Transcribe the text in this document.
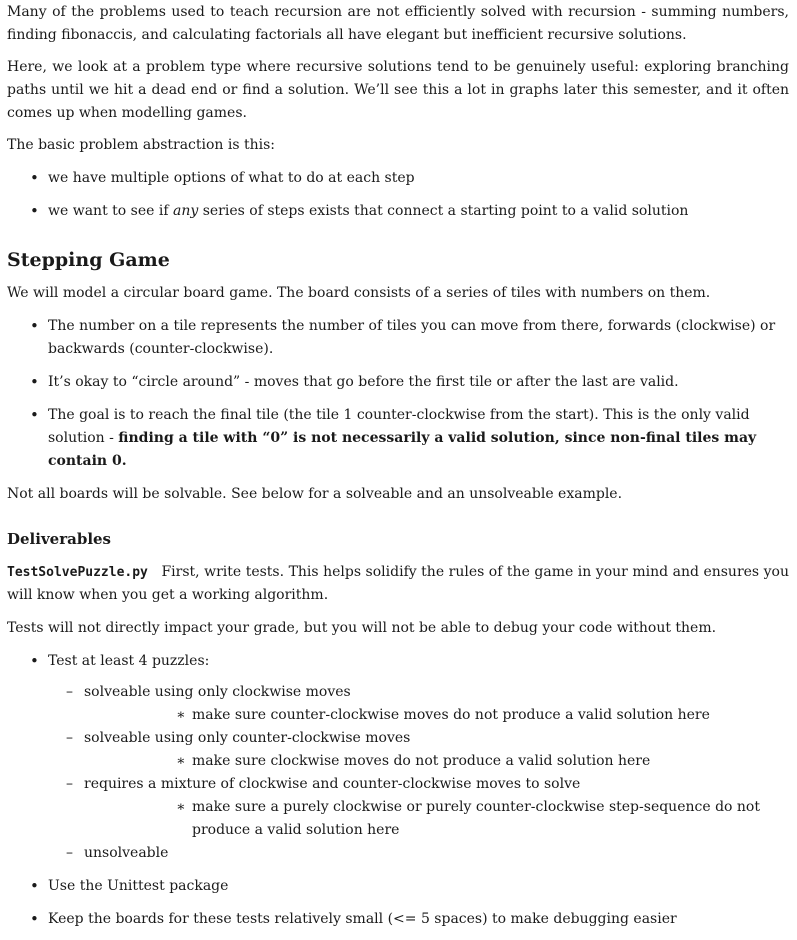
Many of the problems used to teach recursion are not efficiently solved with recursion - summing numbers, finding fibonaccis, and calculating factorials all have elegant but inefficient recursive solutions.

Here, we look at a problem type where recursive solutions tend to be genuinely useful: exploring branching paths until we hit a dead end or find a solution. We’ll see this a lot in graphs later this semester, and it often comes up when modelling games.

The basic problem abstraction is this:

• we have multiple options of what to do at each step
• we want to see if any series of steps exists that connect a starting point to a valid solution
Stepping Game

We will model a circular board game. The board consists of a series of tiles with numbers on them.

• The number on a tile represents the number of tiles you can move from there, forwards (clockwise) or backwards (counter-clockwise).
• It’s okay to “circle around” - moves that go before the first tile or after the last are valid.
• The goal is to reach the final tile (the tile 1 counter-clockwise from the start). This is the only valid solution - finding a tile with “0” is not necessarily a valid solution, since non-final tiles may contain 0.

Not all boards will be solvable. See below for a solveable and an unsolveable example.

Deliverables

TestSolvePuzzle.py First, write tests. This helps solidify the rules of the game in your mind and ensures you will know when you get a working algorithm.

Tests will not directly impact your grade, but you will not be able to debug your code without them.

• Test at least 4 puzzles:
– solveable using only clockwise moves
∗ make sure counter-clockwise moves do not produce a valid solution here
– solveable using only counter-clockwise moves
∗ make sure clockwise moves do not produce a valid solution here
– requires a mixture of clockwise and counter-clockwise moves to solve
∗ make sure a purely clockwise or purely counter-clockwise step-sequence do not produce a valid solution here
– unsolveable
• Use the Unittest package
• Keep the boards for these tests relatively small (<= 5 spaces) to make debugging easier
